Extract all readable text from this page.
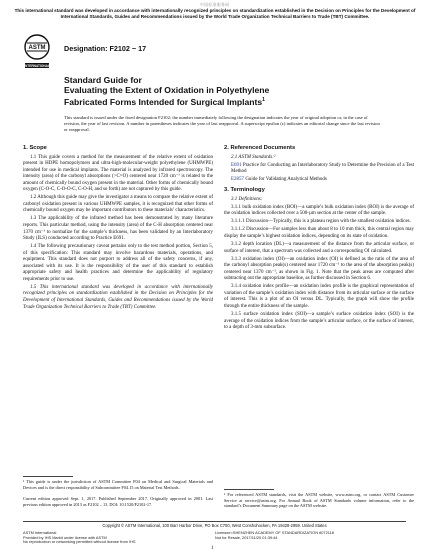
中国标准服务网
This international standard was developed in accordance with internationally recognized principles on standardization established in the Decision on Principles for the Development of International Standards, Guides and Recommendations issued by the World Trade Organization Technical Barriers to Trade (TBT) Committee.
ASTM
INTERNATIONAL
Designation: F2102 − 17
Standard Guide for
Evaluating the Extent of Oxidation in Polyethylene
Fabricated Forms Intended for Surgical Implants$^1$
This standard is issued under the fixed designation F2102; the number immediately following the designation indicates the year of original adoption or, in the case of revision, the year of last revision. A number in parentheses indicates the year of last reapproval. A superscript epsilon (ε) indicates an editorial change since the last revision or reapproval.
1. Scope

1.1 This guide covers a method for the measurement of the relative extent of oxidation present in HDPE homopolymers and ultra-high-molecular-weight polyethylene (UHMWPE) intended for use in medical implants. The material is analyzed by infrared spectroscopy. The intensity (area) of the carbonyl absorptions (>C=O) centered near 1720 cm⁻¹ is related to the amount of chemically bound oxygen present in the material. Other forms of chemically bound oxygen (C-O-C, C-O-O-C, C-O-H, and so forth) are not captured by this guide.

1.2 Although this guide may give the investigator a means to compare the relative extent of carbonyl oxidation present in various UHMWPE samples, it is recognized that other forms of chemically bound oxygen may be important contributors to these materials’ characteristics.

1.3 The applicability of the infrared method has been demonstrated by many literature reports. This particular method, using the intensity (area) of the C-H absorption centered near 1370 cm⁻¹ to normalize for the sample’s thickness, has been validated by an Interlaboratory Study (ILS) conducted according to Practice E691.

1.4 The following precautionary caveat pertains only to the test method portion, Section 5, of this specification: This standard may involve hazardous materials, operations, and equipment. This standard does not purport to address all of the safety concerns, if any, associated with its use. It is the responsibility of the user of this standard to establish appropriate safety and health practices and determine the applicability of regulatory requirements prior to use.

1.5 This international standard was developed in accordance with internationally recognized principles on standardization established in the Decision on Principles for the Development of International Standards, Guides and Recommendations issued by the World Trade Organization Technical Barriers to Trade (TBT) Committee.

¹ This guide is under the jurisdiction of ASTM Committee F04 on Medical and Surgical Materials and Devices and is the direct responsibility of Subcommittee F04.15 on Material Test Methods.
Current edition approved Sept. 1, 2017. Published September 2017. Originally approved in 2001. Last previous edition approved in 2013 as F2102 – 13. DOI: 10.1520/F2102-17.
2. Referenced Documents

2.1 ASTM Standards:²

E691 Practice for Conducting an Interlaboratory Study to Determine the Precision of a Test Method

E2857 Guide for Validating Analytical Methods

3. Terminology

3.1 Definitions:

3.1.1 bulk oxidation index (BOI)—a sample’s bulk oxidation index (BOI) is the average of the oxidation indices collected over a 500-µm section at the center of the sample.

3.1.1.1 Discussion—Typically, this is a plateau region with the smallest oxidation indices.

3.1.1.2 Discussion—For samples less than about 8 to 10 mm thick, this central region may display the sample’s highest oxidation indices, depending on its state of oxidation.

3.1.2 depth location (DL)—a measurement of the distance from the articular surface, or surface of interest, that a spectrum was collected and a corresponding OI calculated.

3.1.3 oxidation index (OI)—an oxidation index (OI) is defined as the ratio of the area of the carbonyl absorption peak(s) centered near 1720 cm⁻¹ to the area of the absorption peak(s) centered near 1370 cm⁻¹, as shown in Fig. 1. Note that the peak areas are computed after subtracting out the appropriate baseline, as further discussed in Section 6.

3.1.4 oxidation index profile—an oxidation index profile is the graphical representation of variation of the sample’s oxidation index with distance from its articular surface or the surface of interest. This is a plot of an OI versus DL. Typically, the graph will show the profile through the entire thickness of the sample.

3.1.5 surface oxidation index (SOI)—a sample’s surface oxidation index (SOI) is the average of the oxidation indices from the sample’s articular surface, or the surface of interest, to a depth of 3-mm subsurface.

² For referenced ASTM standards, visit the ASTM website, www.astm.org, or contact ASTM Customer Service at service@astm.org. For Annual Book of ASTM Standards volume information, refer to the standard’s Document Summary page on the ASTM website.
Copyright © ASTM International, 100 Barr Harbor Drive, PO Box C700, West Conshohocken, PA 19428-2959. United States
ASTM International
Provided by IHS Markit under license with ASTM
No reproduction or networking permitted without license from IHS
Licensee=SHENZHEN ACADEMY OF STANDARDIZATION 6072118
Not for Resale, 2017/11/20 01:39:44
1
